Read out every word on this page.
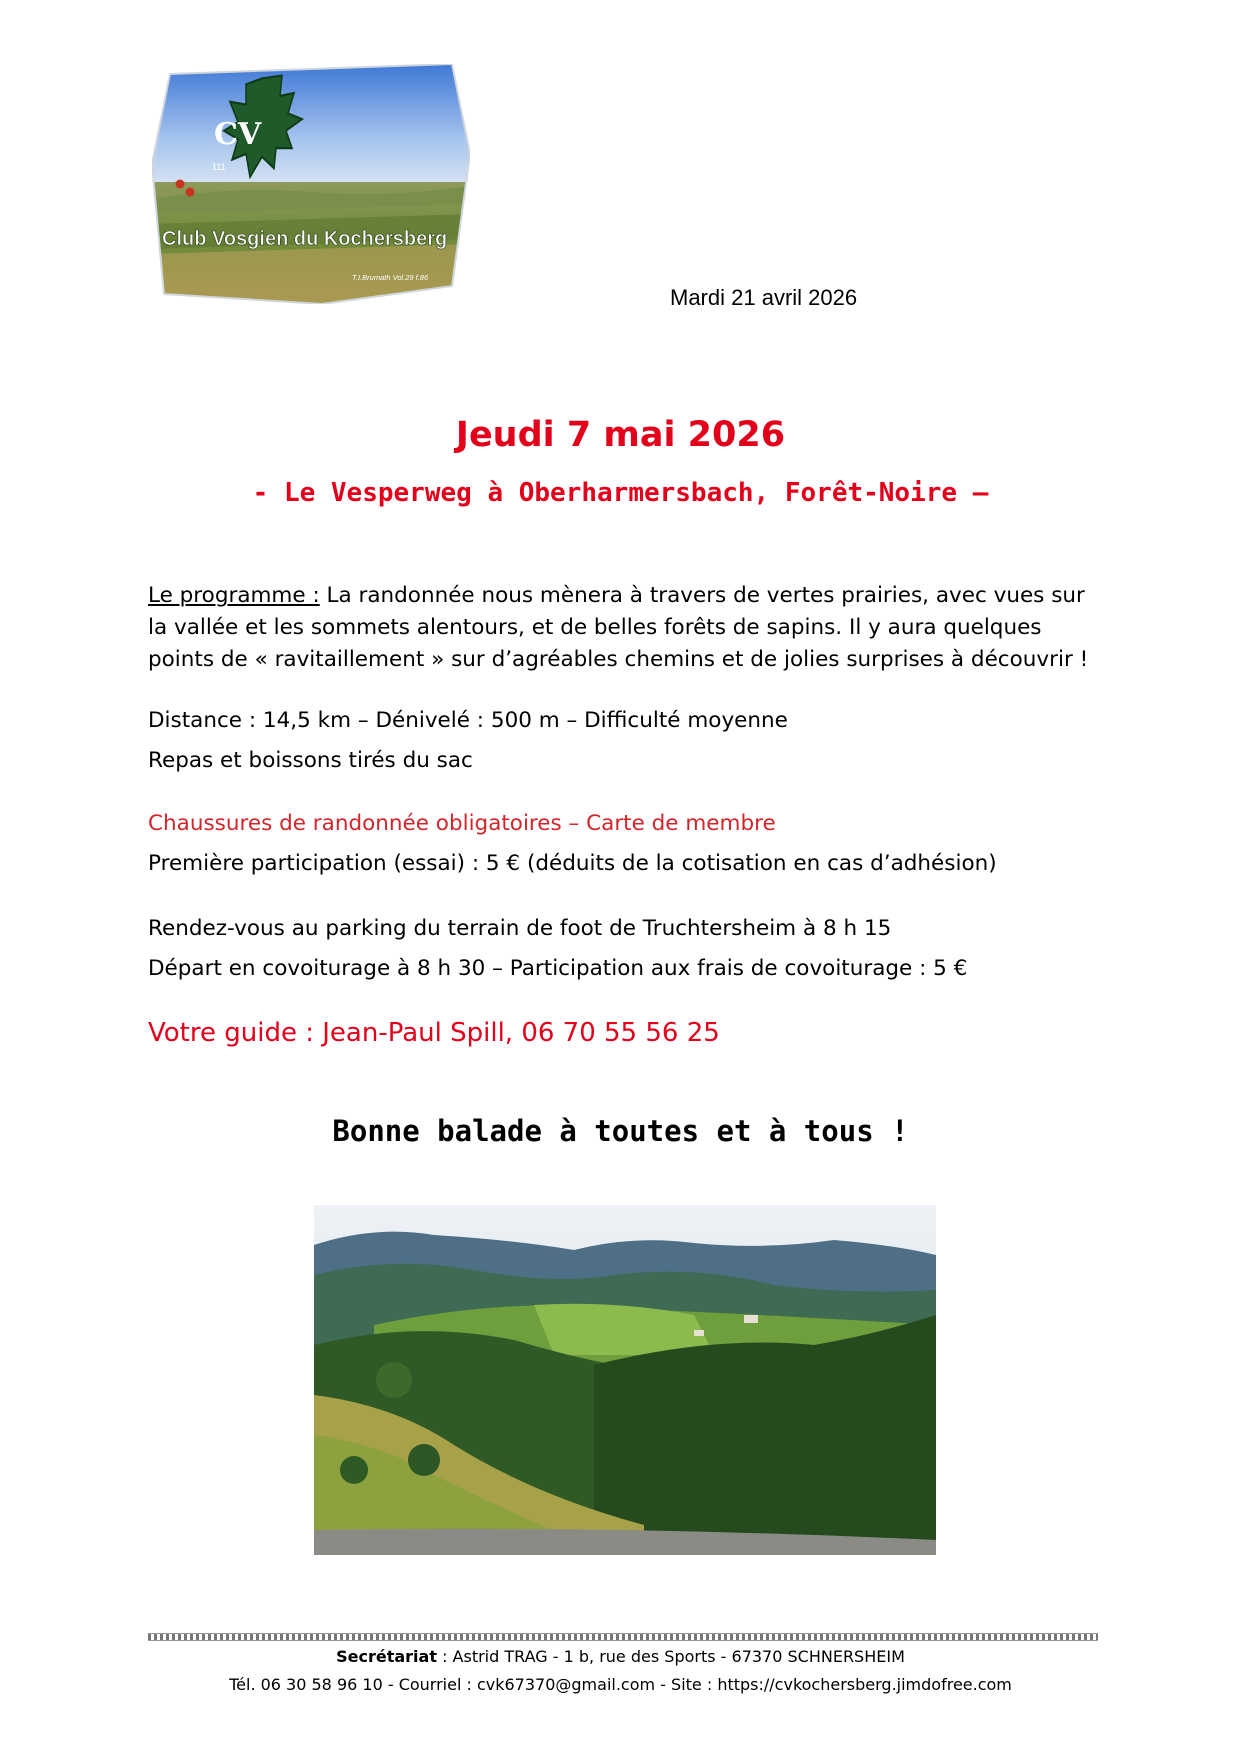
CV
111
Club Vosgien du Kochersberg
T.I.Brumath Vol.29 f.86
Mardi 21 avril 2026
Jeudi 7 mai 2026
- Le Vesperweg à Oberharmersbach, Forêt-Noire –
Le programme : La randonnée nous mènera à travers de vertes prairies, avec vues sur la vallée et les sommets alentours, et de belles forêts de sapins. Il y aura quelques points de « ravitaillement » sur d’agréables chemins et de jolies surprises à découvrir !
Distance : 14,5 km – Dénivelé : 500 m – Difficulté moyenne
Repas et boissons tirés du sac
Chaussures de randonnée obligatoires – Carte de membre
Première participation (essai) : 5 € (déduits de la cotisation en cas d’adhésion)
Rendez-vous au parking du terrain de foot de Truchtersheim à 8 h 15
Départ en covoiturage à 8 h 30 – Participation aux frais de covoiturage : 5 €
Votre guide : Jean-Paul Spill, 06 70 55 56 25
Bonne balade à toutes et à tous !
Secrétariat : Astrid TRAG - 1 b, rue des Sports - 67370 SCHNERSHEIM
Tél. 06 30 58 96 10 - Courriel : cvk67370@gmail.com - Site : https://cvkochersberg.jimdofree.com
